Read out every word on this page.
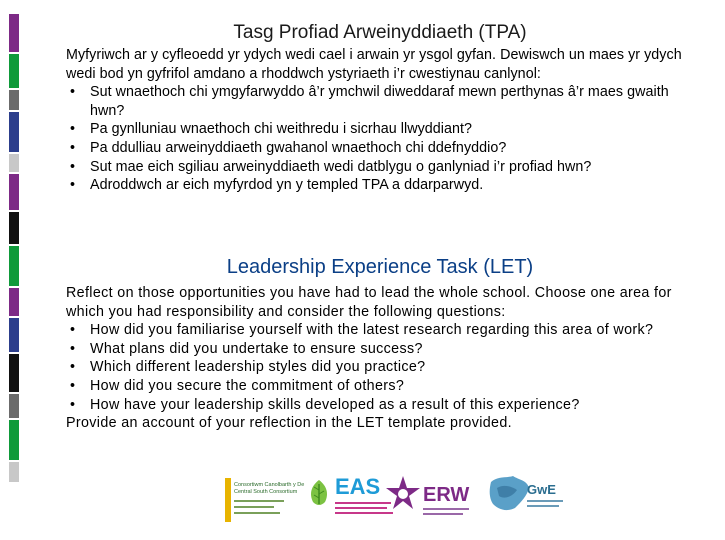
Tasg Profiad Arweinyddiaeth (TPA)
Myfyriwch ar y cyfleoedd yr ydych wedi cael i arwain yr ysgol gyfan. Dewiswch un maes yr ydych wedi bod yn gyfrifol amdano a rhoddwch ystyriaeth i’r cwestiynau canlynol:
• Sut wnaethoch chi ymgyfarwyddo â’r ymchwil diweddaraf mewn perthynas â’r maes gwaith hwn?
• Pa gynlluniau wnaethoch chi weithredu i sicrhau llwyddiant?
• Pa ddulliau arweinyddiaeth gwahanol wnaethoch chi ddefnyddio?
• Sut mae eich sgiliau arweinyddiaeth wedi datblygu o ganlyniad i’r profiad hwn?
• Adroddwch ar eich myfyrdod yn y templed TPA a ddarparwyd.
Leadership Experience Task (LET)
Reflect on those opportunities you have had to lead the whole school. Choose one area for which you had responsibility and consider the following questions:
• How did you familiarise yourself with the latest research regarding this area of work?
• What plans did you undertake to ensure success?
• Which different leadership styles did you practice?
• How did you secure the commitment of others?
• How have your leadership skills developed as a result of this experience?
Provide an account of your reflection in the LET template provided.
Consortiwm Canolbarth y De
Central South Consortium EAS ERW	GwE
